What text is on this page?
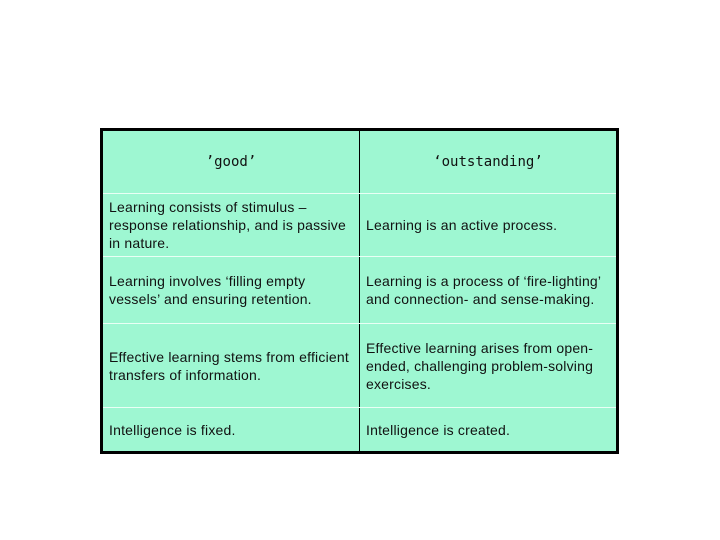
’good’	‘outstanding’
Learning consists of stimulus – response relationship, and is passive in nature.	Learning is an active process.
Learning involves ‘filling empty vessels’ and ensuring retention.	Learning is a process of ‘fire-lighting’ and connection- and sense-making.
Effective learning stems from efficient transfers of information.	Effective learning arises from open-ended, challenging problem-solving exercises.
Intelligence is fixed.	Intelligence is created.
